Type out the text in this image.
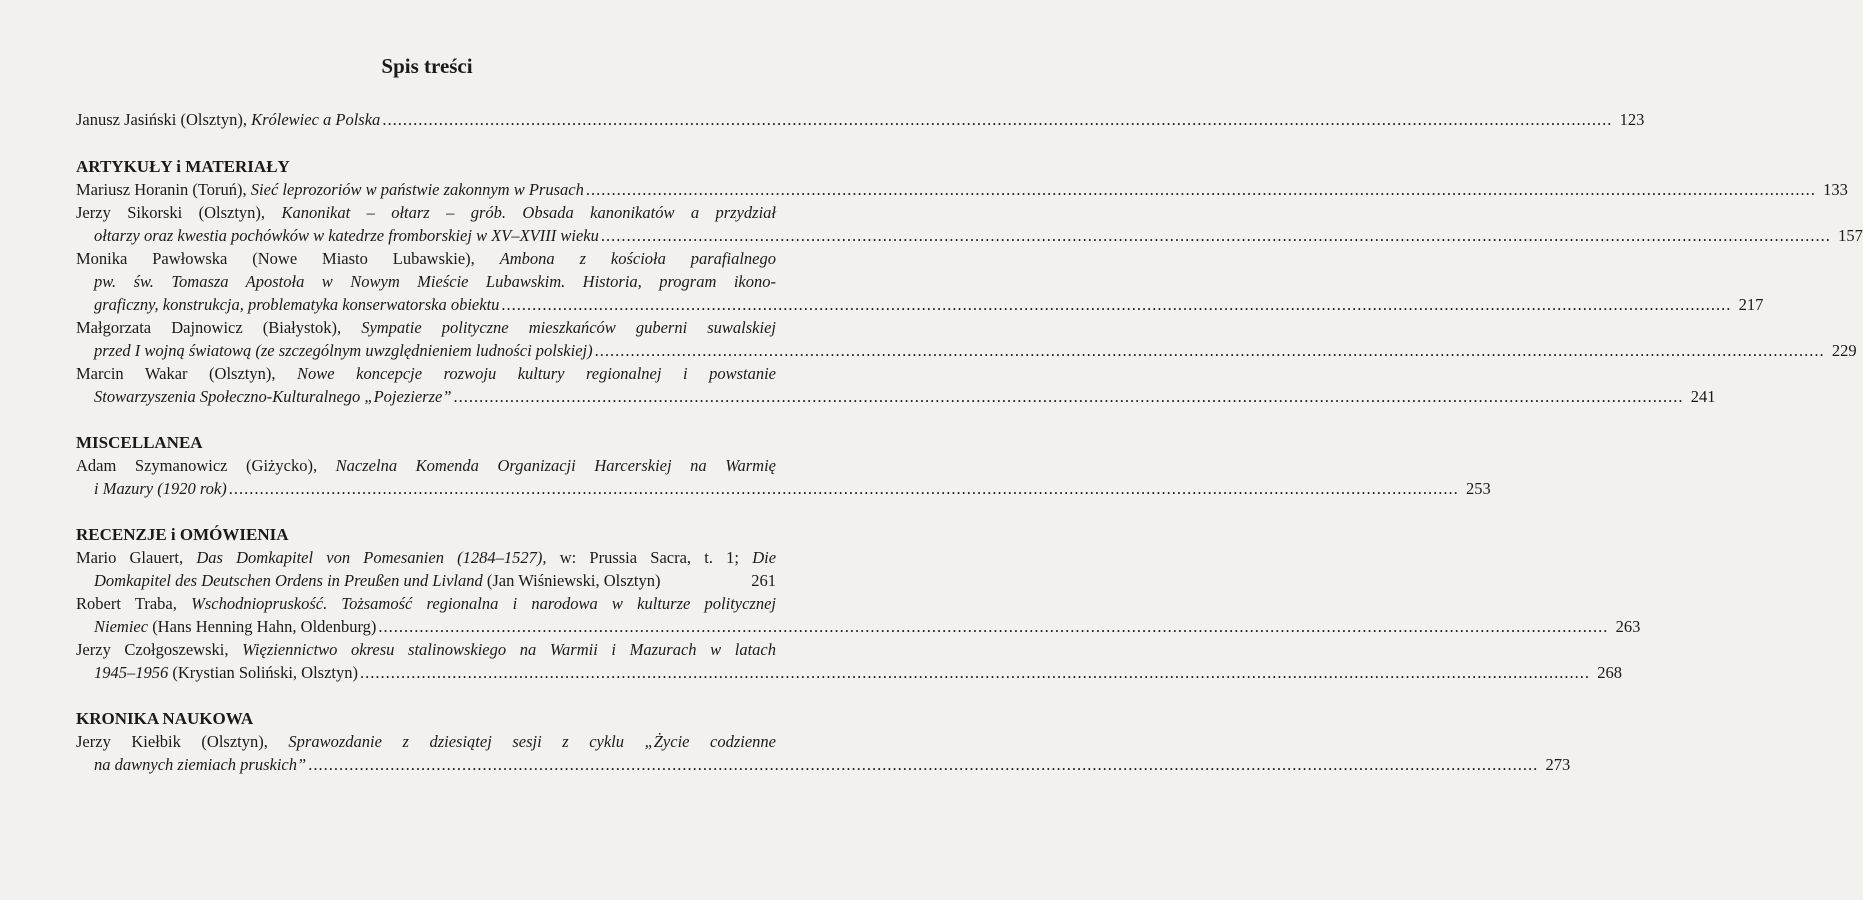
Spis treści
Janusz Jasiński (Olsztyn), Królewiec a Polska ................................................................................................................................................................................................................................................ 123
ARTYKUŁY i MATERIAŁY
Mariusz Horanin (Toruń), Sieć leprozoriów w państwie zakonnym w Prusach ................................................................................................................................................................................................................................................ 133
Jerzy Sikorski (Olsztyn), Kanonikat – ołtarz – grób. Obsada kanonikatów a przydział
ołtarzy oraz kwestia pochówków w katedrze fromborskiej w XV–XVIII wieku ................................................................................................................................................................................................................................................ 157
Monika Pawłowska (Nowe Miasto Lubawskie), Ambona z kościoła parafialnego
pw. św. Tomasza Apostoła w Nowym Mieście Lubawskim. Historia, program ikono-
graficzny, konstrukcja, problematyka konserwatorska obiektu ................................................................................................................................................................................................................................................ 217
Małgorzata Dajnowicz (Białystok), Sympatie polityczne mieszkańców guberni suwalskiej
przed I wojną światową (ze szczególnym uwzględnieniem ludności polskiej) ................................................................................................................................................................................................................................................ 229
Marcin Wakar (Olsztyn), Nowe koncepcje rozwoju kultury regionalnej i powstanie
Stowarzyszenia Społeczno-Kulturalnego „Pojezierze” ................................................................................................................................................................................................................................................ 241
MISCELLANEA
Adam Szymanowicz (Giżycko), Naczelna Komenda Organizacji Harcerskiej na Warmię
i Mazury (1920 rok) ................................................................................................................................................................................................................................................ 253
RECENZJE i OMÓWIENIA
Mario Glauert, Das Domkapitel von Pomesanien (1284–1527), w: Prussia Sacra, t. 1; Die
Domkapitel des Deutschen Ordens in Preußen und Livland (Jan Wiśniewski, Olsztyn)	261
Robert Traba, Wschodniopruskość. Tożsamość regionalna i narodowa w kulturze politycznej
Niemiec (Hans Henning Hahn, Oldenburg) ................................................................................................................................................................................................................................................ 263
Jerzy Czołgoszewski, Więziennictwo okresu stalinowskiego na Warmii i Mazurach w latach
1945–1956 (Krystian Soliński, Olsztyn) ................................................................................................................................................................................................................................................ 268
KRONIKA NAUKOWA
Jerzy Kiełbik (Olsztyn), Sprawozdanie z dziesiątej sesji z cyklu „Życie codzienne
na dawnych ziemiach pruskich” ................................................................................................................................................................................................................................................ 273
